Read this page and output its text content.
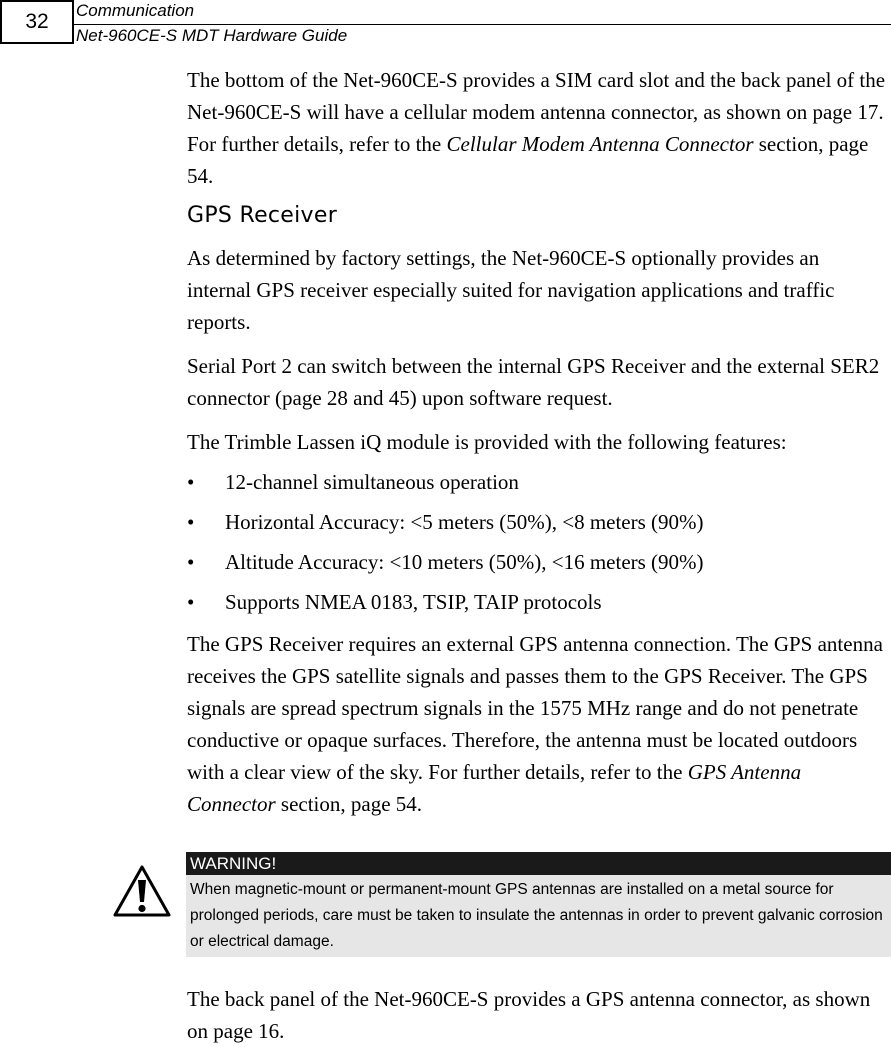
32	Communication
Net-960CE-S MDT Hardware Guide

The bottom of the Net-960CE-S provides a SIM card slot and the back panel of the Net-960CE-S will have a cellular modem antenna connector, as shown on page 17. For further details, refer to the Cellular Modem Antenna Connector section, page 54.

GPS Receiver

As determined by factory settings, the Net-960CE-S optionally provides an internal GPS receiver especially suited for navigation applications and traffic reports.

Serial Port 2 can switch between the internal GPS Receiver and the external SER2 connector (page 28 and 45) upon software request.

The Trimble Lassen iQ module is provided with the following features:

• 12-channel simultaneous operation
• Horizontal Accuracy: <5 meters (50%), <8 meters (90%)
• Altitude Accuracy: <10 meters (50%), <16 meters (90%)
• Supports NMEA 0183, TSIP, TAIP protocols

The GPS Receiver requires an external GPS antenna connection. The GPS antenna receives the GPS satellite signals and passes them to the GPS Receiver. The GPS signals are spread spectrum signals in the 1575 MHz range and do not penetrate conductive or opaque surfaces. Therefore, the antenna must be located outdoors with a clear view of the sky. For further details, refer to the GPS Antenna Connector section, page 54.

WARNING!
When magnetic-mount or permanent-mount GPS antennas are installed on a metal source for prolonged periods, care must be taken to insulate the antennas in order to prevent galvanic corrosion or electrical damage.

The back panel of the Net-960CE-S provides a GPS antenna connector, as shown on page 16.
